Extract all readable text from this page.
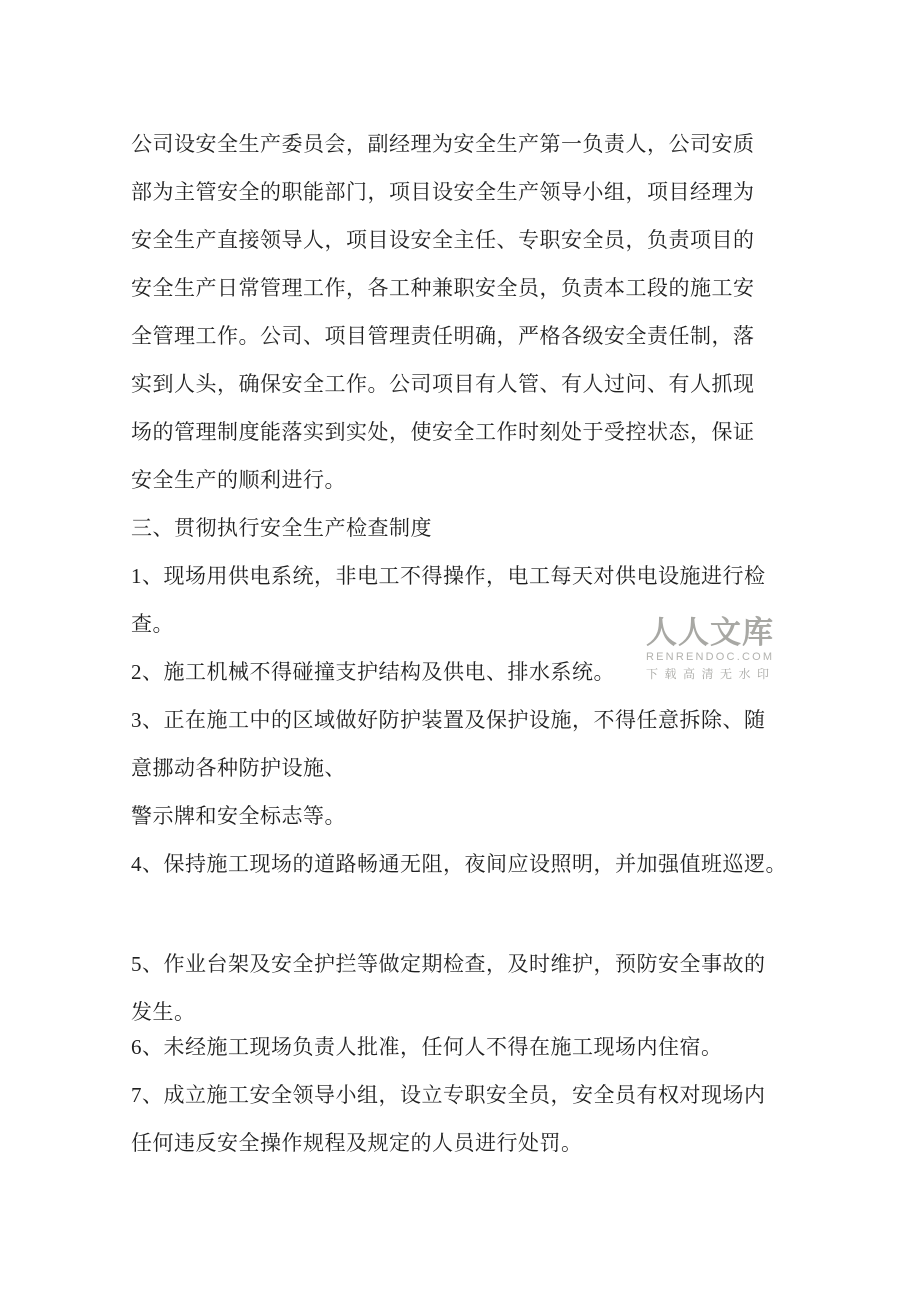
公司设安全生产委员会，副经理为安全生产第一负责人，公司安质
部为主管安全的职能部门，项目设安全生产领导小组，项目经理为
安全生产直接领导人，项目设安全主任、专职安全员，负责项目的
安全生产日常管理工作，各工种兼职安全员，负责本工段的施工安
全管理工作。公司、项目管理责任明确，严格各级安全责任制，落
实到人头，确保安全工作。公司项目有人管、有人过问、有人抓现
场的管理制度能落实到实处，使安全工作时刻处于受控状态，保证
安全生产的顺利进行。
三、贯彻执行安全生产检查制度
1、现场用供电系统，非电工不得操作，电工每天对供电设施进行检
查。
2、施工机械不得碰撞支护结构及供电、排水系统。
3、正在施工中的区域做好防护装置及保护设施，不得任意拆除、随
意挪动各种防护设施、
警示牌和安全标志等。
4、保持施工现场的道路畅通无阻，夜间应设照明，并加强值班巡逻。
5、作业台架及安全护拦等做定期检查，及时维护，预防安全事故的
发生。
6、未经施工现场负责人批准，任何人不得在施工现场内住宿。
7、成立施工安全领导小组，设立专职安全员，安全员有权对现场内
任何违反安全操作规程及规定的人员进行处罚。
人人文库
RENRENDOC.COM
下载高清无水印
